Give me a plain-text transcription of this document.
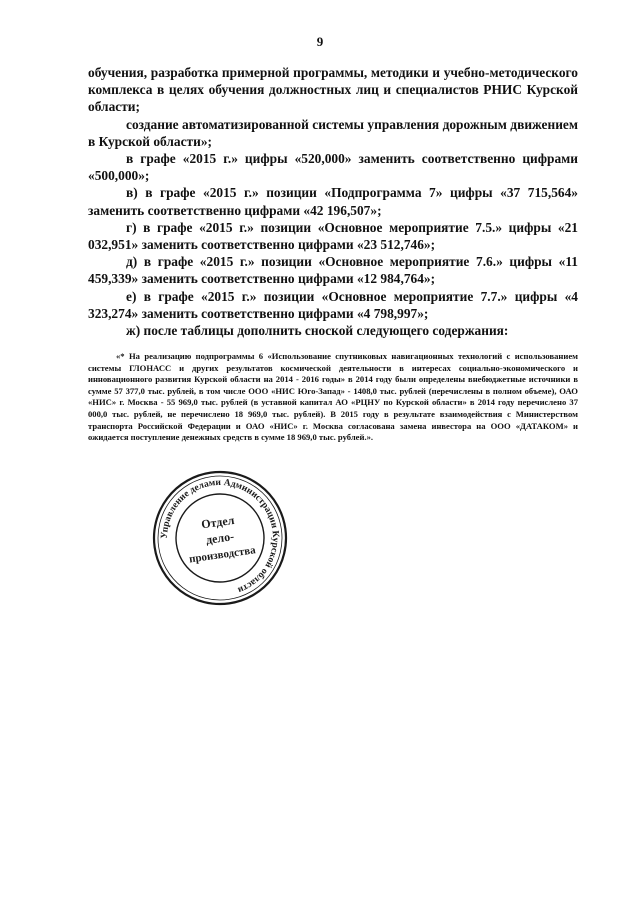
9

обучения, разработка примерной программы, методики и учебно-методического комплекса в целях обучения должностных лиц и специалистов РНИС Курской области;

создание автоматизированной системы управления дорожным движением в Курской области»;

в графе «2015 г.» цифры «520,000» заменить соответственно цифрами «500,000»;

в) в графе «2015 г.» позиции «Подпрограмма 7» цифры «37 715,564» заменить соответственно цифрами «42 196,507»;

г) в графе «2015 г.» позиции «Основное мероприятие 7.5.» цифры «21 032,951» заменить соответственно цифрами «23 512,746»;

д) в графе «2015 г.» позиции «Основное мероприятие 7.6.» цифры «11 459,339» заменить соответственно цифрами «12 984,764»;

е) в графе «2015 г.» позиции «Основное мероприятие 7.7.» цифры «4 323,274» заменить соответственно цифрами «4 798,997»;

ж) после таблицы дополнить сноской следующего содержания:

«* На реализацию подпрограммы 6 «Использование спутниковых навигационных технологий с использованием системы ГЛОНАСС и других результатов космической деятельности в интересах социально-экономического и инновационного развития Курской области на 2014 - 2016 годы» в 2014 году были определены внебюджетные источники в сумме 57 377,0 тыс. рублей, в том числе ООО «НИС Юго-Запад» - 1408,0 тыс. рублей (перечислены в полном объеме), ОАО «НИС» г. Москва - 55 969,0 тыс. рублей (в уставной капитал АО «РЦНУ по Курской области» в 2014 году перечислено 37 000,0 тыс. рублей, не перечислено 18 969,0 тыс. рублей). В 2015 году в результате взаимодействия с Министерством транспорта Российской Федерации и ОАО «НИС» г. Москва согласована замена инвестора на ООО «ДАТАКОМ» и ожидается поступление денежных средств в сумме 18 969,0 тыс. рублей.».

Управление делами Администрации Курской области
Отдел
дело-
производства
